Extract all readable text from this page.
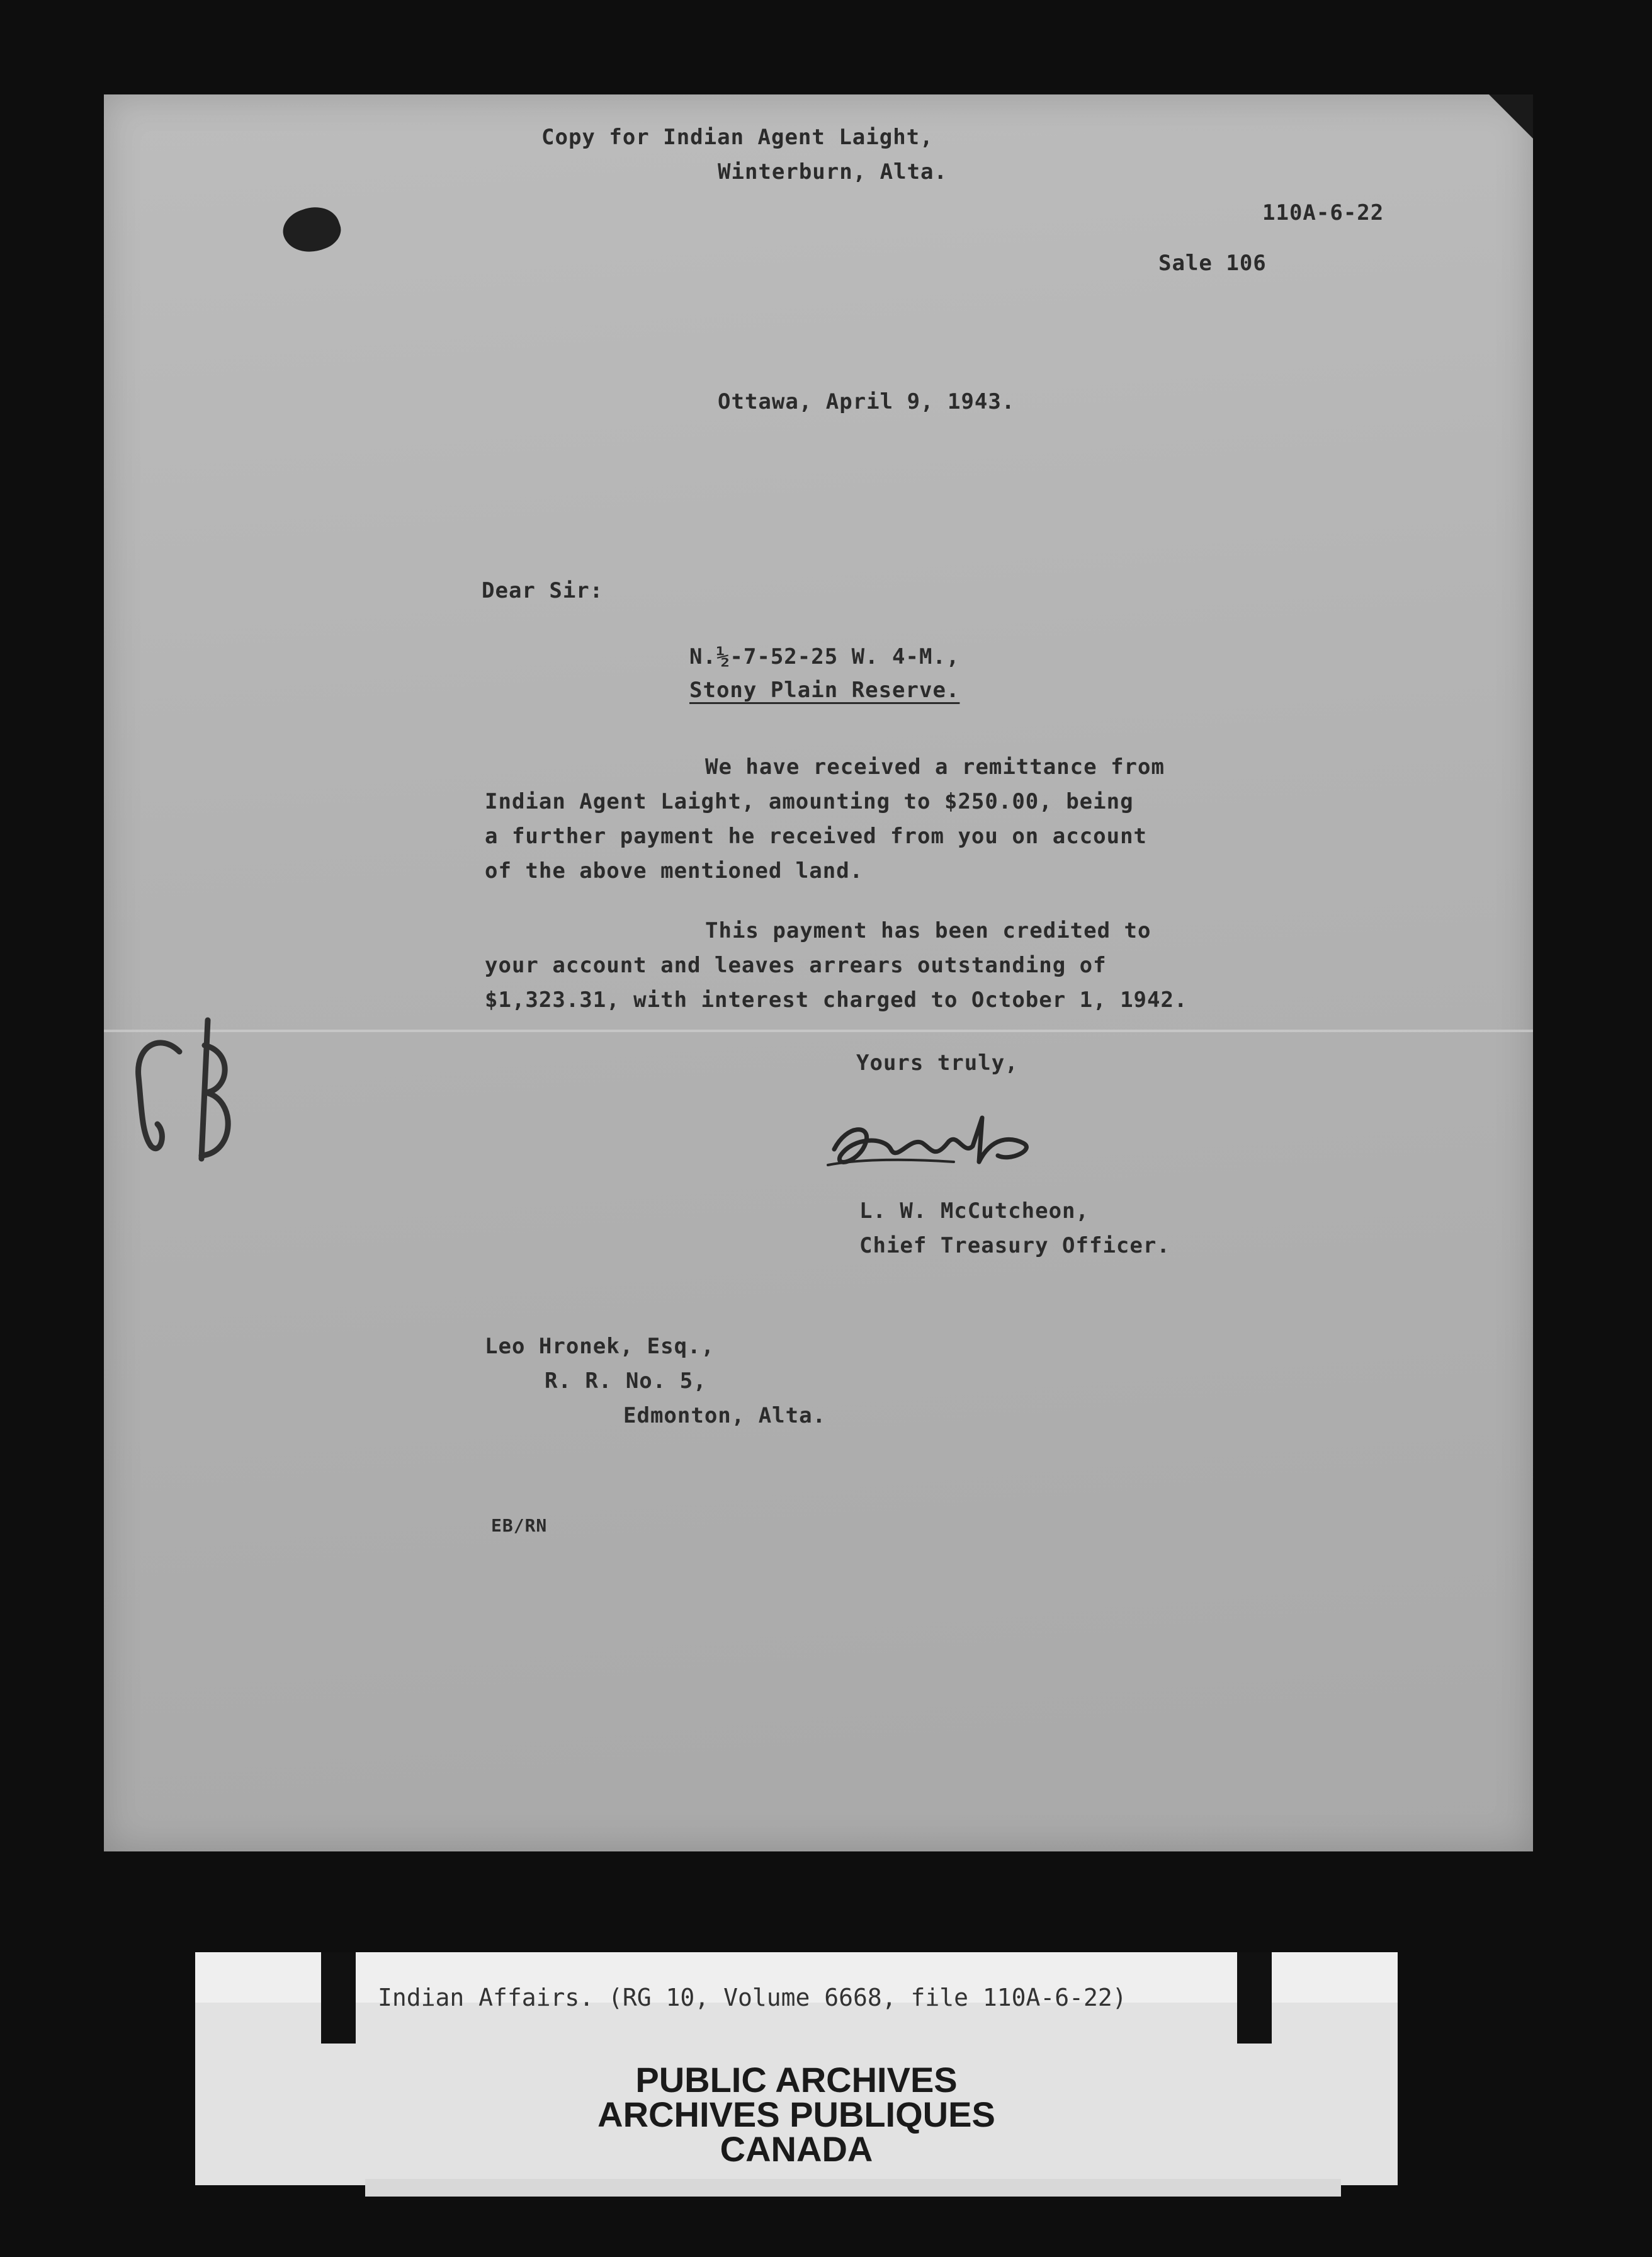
Copy for Indian Agent Laight,

Winterburn, Alta.

110A-6-22

Sale 106

Ottawa, April 9, 1943.

Dear Sir:

N.½-7-52-25 W. 4-M.,

Stony Plain Reserve.

We have received a remittance from

Indian Agent Laight, amounting to $250.00, being

a further payment he received from you on account

of the above mentioned land.

This payment has been credited to

your account and leaves arrears outstanding of

$1,323.31, with interest charged to October 1, 1942.

Yours truly,

L. W. McCutcheon,

Chief Treasury Officer.

Leo Hronek, Esq.,

R. R. No. 5,

Edmonton, Alta.

EB/RN

Indian Affairs. (RG 10, Volume 6668, file 110A-6-22)

PUBLIC ARCHIVES

ARCHIVES PUBLIQUES

CANADA
